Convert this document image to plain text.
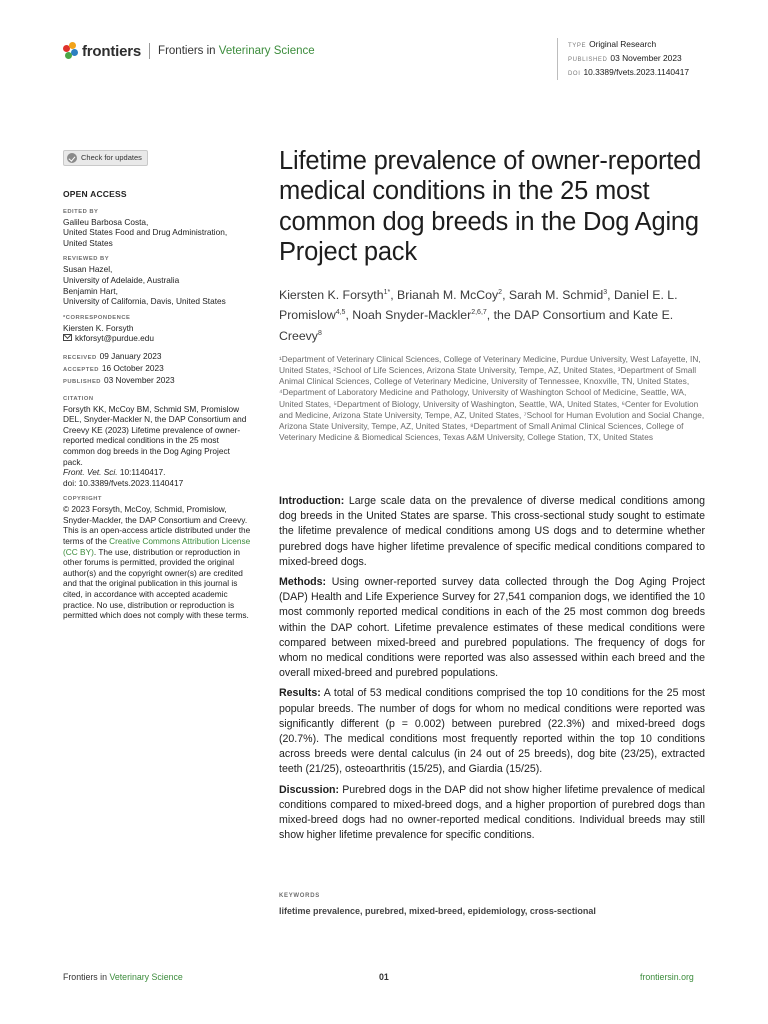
frontiers Frontiers in Veterinary Science	TYPE Original Research
PUBLISHED 03 November 2023
DOI 10.3389/fvets.2023.1140417
Check for updates
OPEN ACCESS
EDITED BY
Galileu Barbosa Costa,
United States Food and Drug Administration,
United States
REVIEWED BY
Susan Hazel,
University of Adelaide, Australia
Benjamin Hart,
University of California, Davis, United States
*CORRESPONDENCE
Kiersten K. Forsyth
kkforsyt@purdue.edu
RECEIVED 09 January 2023
ACCEPTED 16 October 2023
PUBLISHED 03 November 2023
CITATION
Forsyth KK, McCoy BM, Schmid SM, Promislow DEL, Snyder-Mackler N, the DAP Consortium and Creevy KE (2023) Lifetime prevalence of owner-reported medical conditions in the 25 most common dog breeds in the Dog Aging Project pack.
Front. Vet. Sci. 10:1140417.
doi: 10.3389/fvets.2023.1140417
COPYRIGHT
© 2023 Forsyth, McCoy, Schmid, Promislow, Snyder-Mackler, the DAP Consortium and Creevy. This is an open-access article distributed under the terms of the Creative Commons Attribution License (CC BY). The use, distribution or reproduction in other forums is permitted, provided the original author(s) and the copyright owner(s) are credited and that the original publication in this journal is cited, in accordance with accepted academic practice. No use, distribution or reproduction is permitted which does not comply with these terms.
Lifetime prevalence of owner-reported medical conditions in the 25 most common dog breeds in the Dog Aging Project pack
Kiersten K. Forsyth$^{1*}$, Brianah M. McCoy$^2$, Sarah M. Schmid$^3$, Daniel E. L. Promislow$^{4,5}$, Noah Snyder-Mackler$^{2,6,7}$, the DAP Consortium and Kate E. Creevy$^8$
¹Department of Veterinary Clinical Sciences, College of Veterinary Medicine, Purdue University, West Lafayette, IN, United States, ²School of Life Sciences, Arizona State University, Tempe, AZ, United States, ³Department of Small Animal Clinical Sciences, College of Veterinary Medicine, University of Tennessee, Knoxville, TN, United States, ⁴Department of Laboratory Medicine and Pathology, University of Washington School of Medicine, Seattle, WA, United States, ⁵Department of Biology, University of Washington, Seattle, WA, United States, ⁶Center for Evolution and Medicine, Arizona State University, Tempe, AZ, United States, ⁷School for Human Evolution and Social Change, Arizona State University, Tempe, AZ, United States, ⁸Department of Small Animal Clinical Sciences, College of Veterinary Medicine & Biomedical Sciences, Texas A&M University, College Station, TX, United States

Introduction: Large scale data on the prevalence of diverse medical conditions among dog breeds in the United States are sparse. This cross-sectional study sought to estimate the lifetime prevalence of medical conditions among US dogs and to determine whether purebred dogs have higher lifetime prevalence of specific medical conditions compared to mixed-breed dogs.

Methods: Using owner-reported survey data collected through the Dog Aging Project (DAP) Health and Life Experience Survey for 27,541 companion dogs, we identified the 10 most commonly reported medical conditions in each of the 25 most common dog breeds within the DAP cohort. Lifetime prevalence estimates of these medical conditions were compared between mixed-breed and purebred populations. The frequency of dogs for whom no medical conditions were reported was also assessed within each breed and the overall mixed-breed and purebred populations.

Results: A total of 53 medical conditions comprised the top 10 conditions for the 25 most popular breeds. The number of dogs for whom no medical conditions were reported was significantly different (p = 0.002) between purebred (22.3%) and mixed-breed dogs (20.7%). The medical conditions most frequently reported within the top 10 conditions across breeds were dental calculus (in 24 out of 25 breeds), dog bite (23/25), extracted teeth (21/25), osteoarthritis (15/25), and Giardia (15/25).

Discussion: Purebred dogs in the DAP did not show higher lifetime prevalence of medical conditions compared to mixed-breed dogs, and a higher proportion of purebred dogs than mixed-breed dogs had no owner-reported medical conditions. Individual breeds may still show higher lifetime prevalence for specific conditions.

KEYWORDS
lifetime prevalence, purebred, mixed-breed, epidemiology, cross-sectional
Frontiers in Veterinary Science	01	frontiersin.org
